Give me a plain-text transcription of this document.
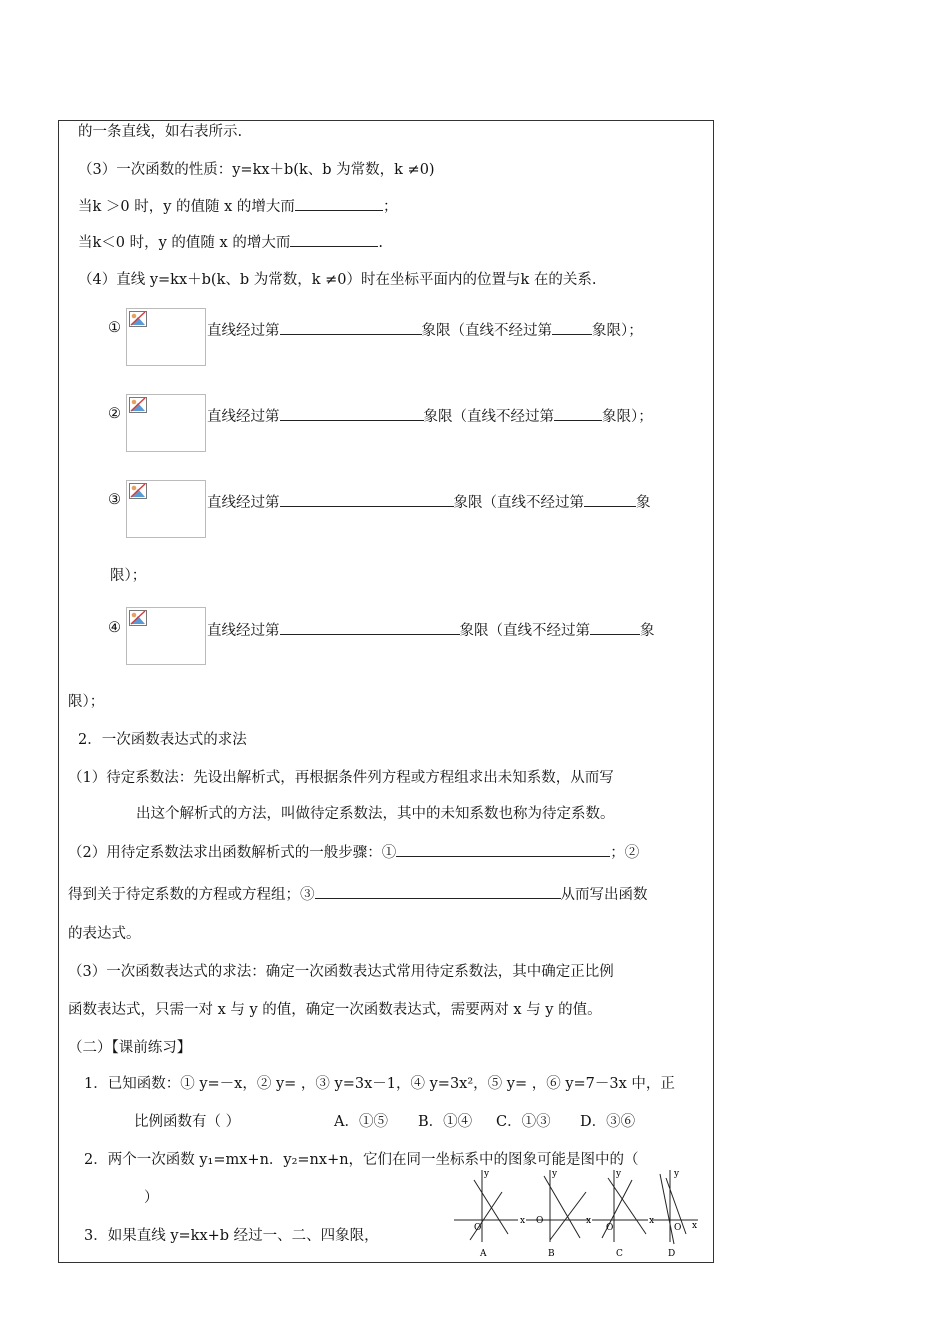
的一条直线，如右表所示.
（3）一次函数的性质：y=kx＋b(k、b 为常数，k ≠0)
当k ＞0 时，y 的值随 x 的增大而	；
当k＜0 时，y 的值随 x 的增大而	.
（4）直线 y=kx＋b(k、b 为常数，k ≠0）时在坐标平面内的位置与k 在的关系.
①	直线经过第	象限（直线不经过第	象限）；
②	直线经过第	象限（直线不经过第	象限）；
③	直线经过第	象限（直线不经过第	象
限）；
④	直线经过第	象限（直线不经过第	象
限）；
2．一次函数表达式的求法
（1）待定系数法：先设出解析式，再根据条件列方程或方程组求出未知系数，从而写
出这个解析式的方法，叫做待定系数法，其中的未知系数也称为待定系数。
（2）用待定系数法求出函数解析式的一般步骤：①	；②
得到关于待定系数的方程或方程组；③	从而写出函数
的表达式。
（3）一次函数表达式的求法：确定一次函数表达式常用待定系数法，其中确定正比例
函数表达式，只需一对 x 与 y 的值，确定一次函数表达式，需要两对 x 与 y 的值。
（二）【课前练习】
1．已知函数：① y=－x，② y= ，③ y=3x－1，④ y=3x²，⑤ y= ，⑥ y=7－3x 中，正
比例函数有（ ）	A．①⑤ B．①④ C．①③ D．③⑥
2．两个一次函数 y₁=mx+n．y₂=nx+n，它们在同一坐标系中的图象可能是图中的（
）
3．如果直线 y=kx+b 经过一、二、四象限，
y
x
O
A
y
x
O
B
y
x
O
C
y
x
O
D
